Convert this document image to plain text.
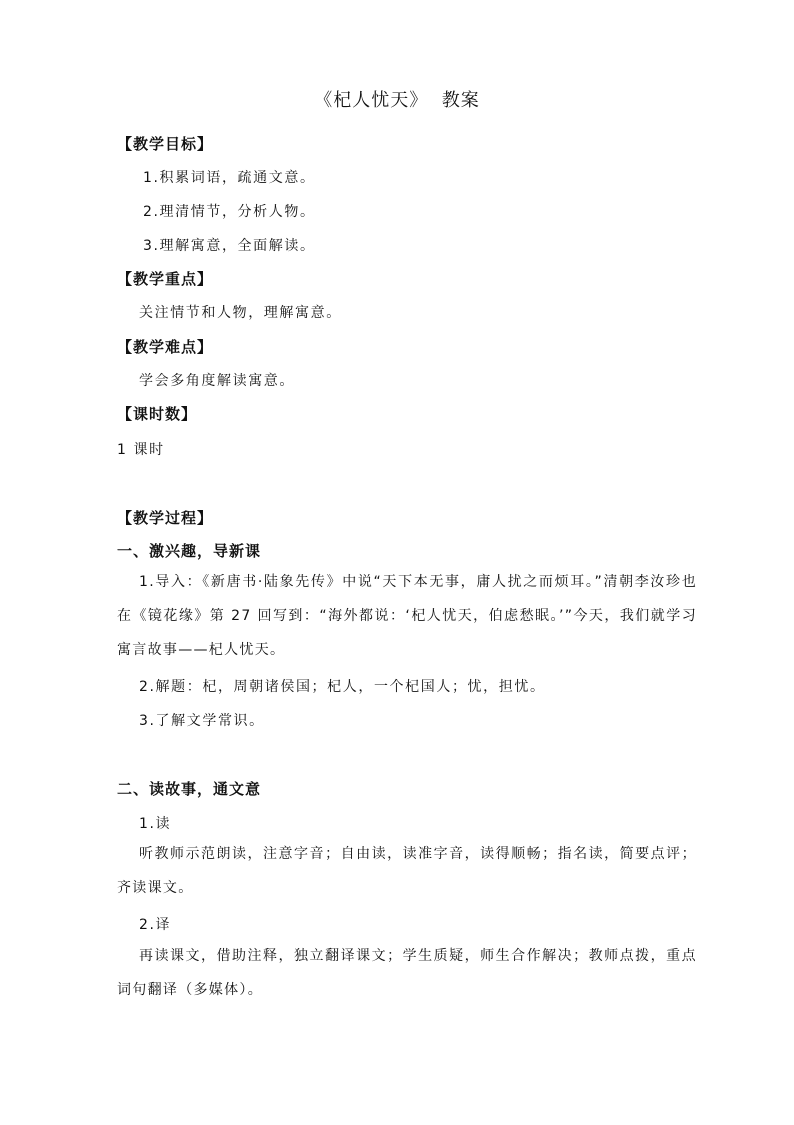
《杞人忧天》  教案
【教学目标】
1.积累词语，疏通文意。
2.理清情节，分析人物。
3.理解寓意，全面解读。
【教学重点】
关注情节和人物，理解寓意。
【教学难点】
学会多角度解读寓意。
【课时数】
1 课时
【教学过程】
一、激兴趣，导新课
1.导入：《新唐书·陆象先传》中说“天下本无事，庸人扰之而烦耳。”清朝李汝珍也在《镜花缘》第 27 回写到：“海外都说：‘杞人忧天，伯虑愁眠。’”今天，我们就学习寓言故事——杞人忧天。
2.解题：杞，周朝诸侯国；杞人，一个杞国人；忧，担忧。
3.了解文学常识。
二、读故事，通文意
1.读
听教师示范朗读，注意字音；自由读，读准字音，读得顺畅；指名读，简要点评；齐读课文。
2.译
再读课文，借助注释，独立翻译课文；学生质疑，师生合作解决；教师点拨，重点词句翻译（多媒体）。
